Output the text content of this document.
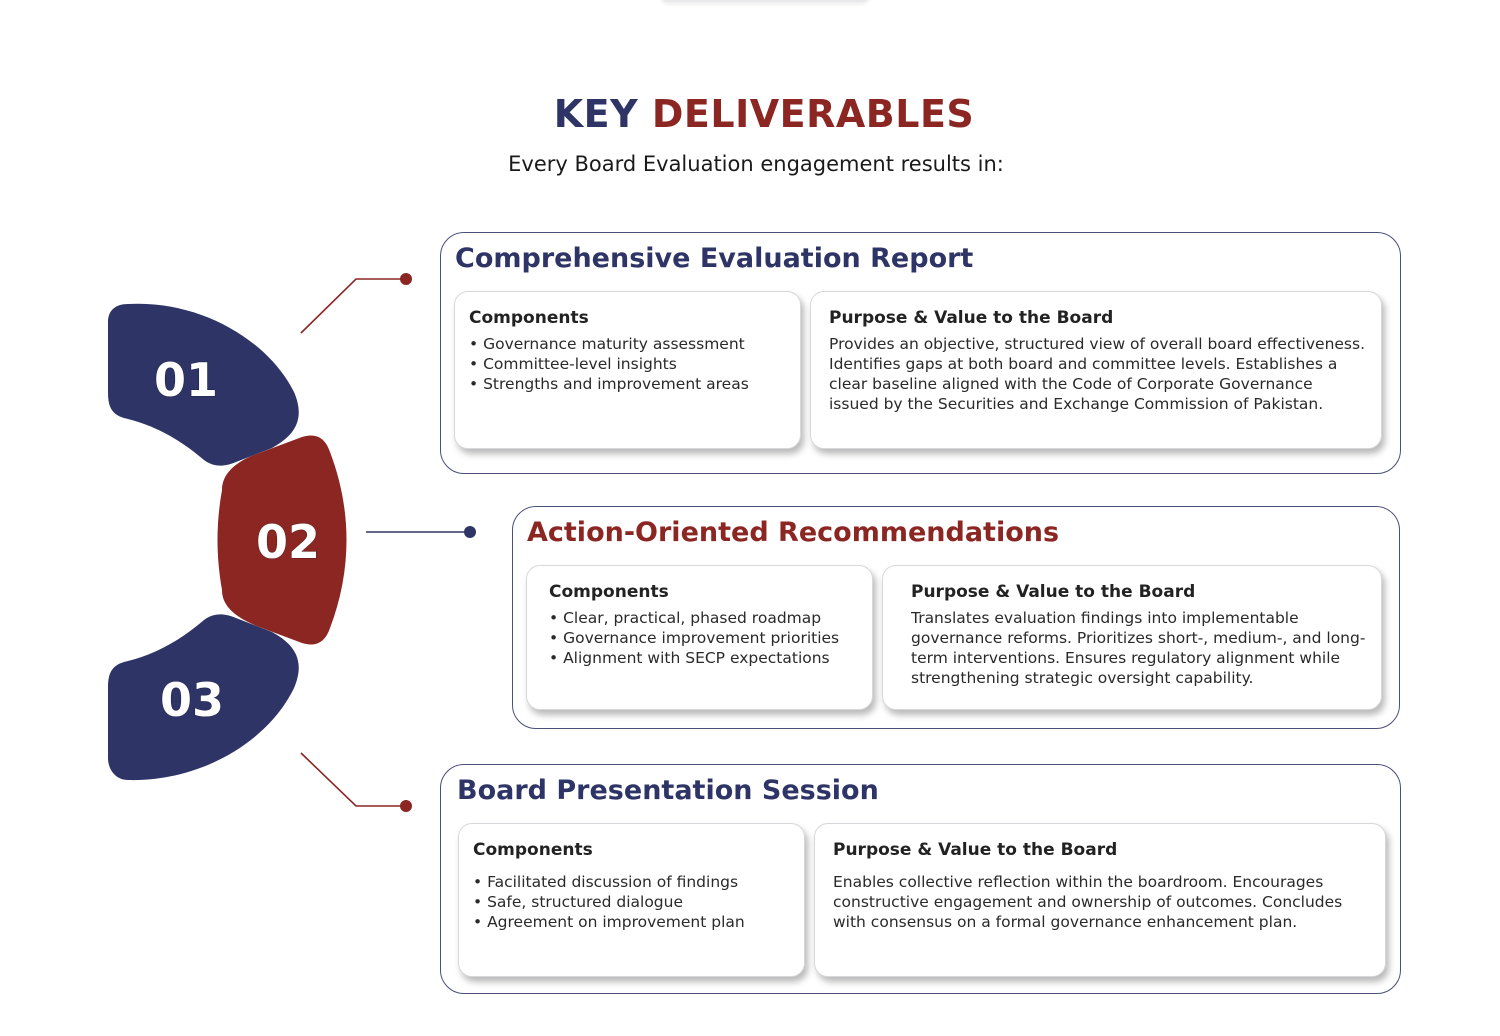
KEY DELIVERABLES
Every Board Evaluation engagement results in:
01
02
03
Comprehensive Evaluation Report
Components
• Governance maturity assessment
• Committee-level insights
• Strengths and improvement areas
Purpose & Value to the Board

Provides an objective, structured view of overall board effectiveness. Identifies gaps at both board and committee levels. Establishes a clear baseline aligned with the Code of Corporate Governance issued by the Securities and Exchange Commission of Pakistan.

Action-Oriented Recommendations
Components
• Clear, practical, phased roadmap
• Governance improvement priorities
• Alignment with SECP expectations
Purpose & Value to the Board

Translates evaluation findings into implementable governance reforms. Prioritizes short-, medium-, and long-term interventions. Ensures regulatory alignment while strengthening strategic oversight capability.

Board Presentation Session
Components
• Facilitated discussion of findings
• Safe, structured dialogue
• Agreement on improvement plan
Purpose & Value to the Board

Enables collective reflection within the boardroom. Encourages constructive engagement and ownership of outcomes. Concludes with consensus on a formal governance enhancement plan.
